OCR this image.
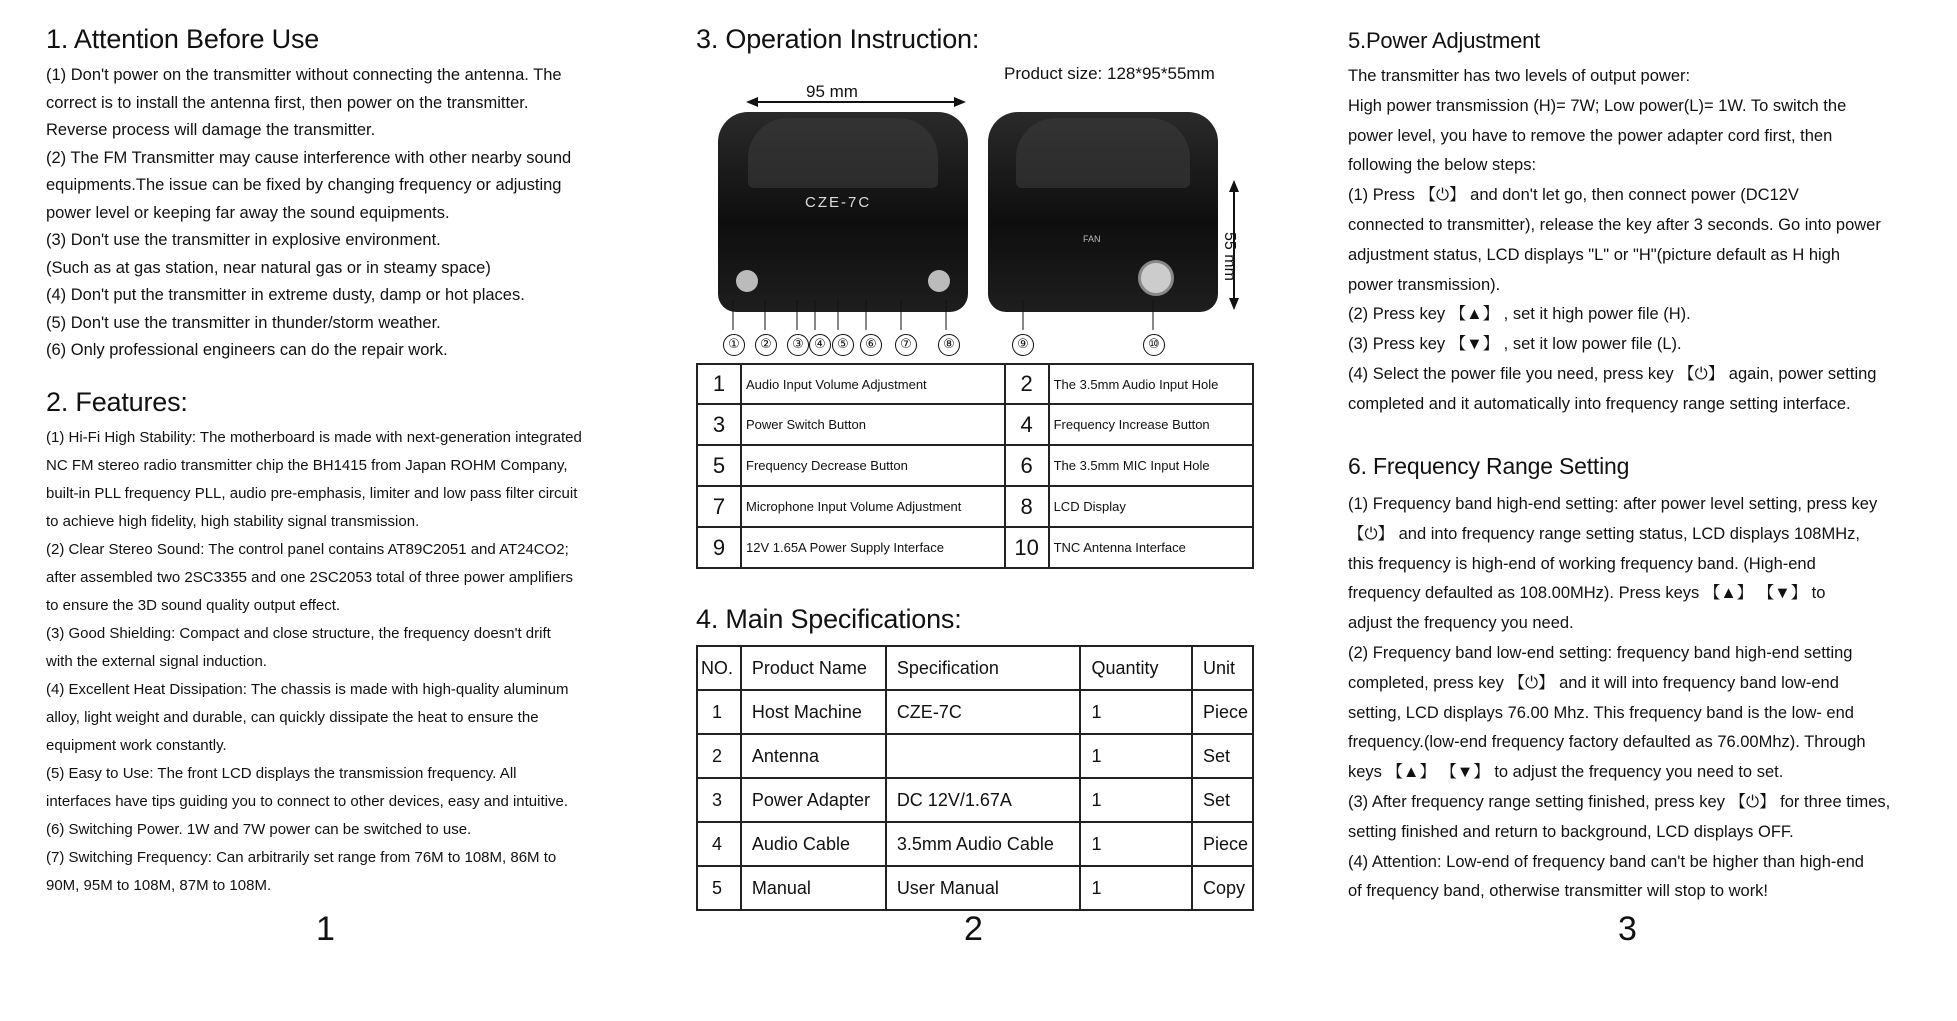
1. Attention Before Use

(1) Don't power on the transmitter without connecting the antenna. The

correct is to install the antenna first, then power on the transmitter.

Reverse process will damage the transmitter.

(2) The FM Transmitter may cause interference with other nearby sound

equipments.The issue can be fixed by changing frequency or adjusting

power level or keeping far away the sound equipments.

(3) Don't use the transmitter in explosive environment.

(Such as at gas station, near natural gas or in steamy space)

(4) Don't put the transmitter in extreme dusty, damp or hot places.

(5) Don't use the transmitter in thunder/storm weather.

(6) Only professional engineers can do the repair work.

2. Features:

(1) Hi-Fi High Stability: The motherboard is made with next-generation integrated

NC FM stereo radio transmitter chip the BH1415 from Japan ROHM Company,

built-in PLL frequency PLL, audio pre-emphasis, limiter and low pass filter circuit

to achieve high fidelity, high stability signal transmission.

(2) Clear Stereo Sound: The control panel contains AT89C2051 and AT24CO2;

after assembled two 2SC3355 and one 2SC2053 total of three power amplifiers

to ensure the 3D sound quality output effect.

(3) Good Shielding: Compact and close structure, the frequency doesn't drift

with the external signal induction.

(4) Excellent Heat Dissipation: The chassis is made with high-quality aluminum

alloy, light weight and durable, can quickly dissipate the heat to ensure the

equipment work constantly.

(5) Easy to Use: The front LCD displays the transmission frequency. All

interfaces have tips guiding you to connect to other devices, easy and intuitive.

(6) Switching Power. 1W and 7W power can be switched to use.

(7) Switching Frequency: Can arbitrarily set range from 76M to 108M, 86M to

90M, 95M to 108M, 87M to 108M.

1
3. Operation Instruction:
Product size: 128*95*55mm
95 mm
CZE-7C
FAN	55 mm
①	②	③ ④ ⑤	⑥	⑦	⑧	⑨	⑩
1	Audio Input Volume Adjustment	2	The 3.5mm Audio Input Hole
3	Power Switch Button	4	Frequency Increase Button
5	Frequency Decrease Button	6	The 3.5mm MIC Input Hole
7	Microphone Input Volume Adjustment	8	LCD Display
9	12V 1.65A Power Supply Interface	10	TNC Antenna Interface
4. Main Specifications:
NO.	Product Name	Specification	Quantity	Unit
1	Host Machine	CZE-7C	1	Piece
2	Antenna		1	Set
3	Power Adapter	DC 12V/1.67A	1	Set
4	Audio Cable	3.5mm Audio Cable	1	Piece
5	Manual	User Manual	1	Copy
2
5.Power Adjustment

The transmitter has two levels of output power:

High power transmission (H)= 7W; Low power(L)= 1W. To switch the

power level, you have to remove the power adapter cord first, then

following the below steps:

(1) Press 【⏻】 and don't let go, then connect power (DC12V

connected to transmitter), release the key after 3 seconds. Go into power

adjustment status, LCD displays "L" or "H"(picture default as H high

power transmission).

(2) Press key 【▲】 , set it high power file (H).

(3) Press key 【▼】 , set it low power file (L).

(4) Select the power file you need, press key 【⏻】 again, power setting

completed and it automatically into frequency range setting interface.

6. Frequency Range Setting

(1) Frequency band high-end setting: after power level setting, press key

【⏻】 and into frequency range setting status, LCD displays 108MHz,

this frequency is high-end of working frequency band. (High-end

frequency defaulted as 108.00MHz). Press keys 【▲】 【▼】 to

adjust the frequency you need.

(2) Frequency band low-end setting: frequency band high-end setting

completed, press key 【⏻】 and it will into frequency band low-end

setting, LCD displays 76.00 Mhz. This frequency band is the low- end

frequency.(low-end frequency factory defaulted as 76.00Mhz). Through

keys 【▲】 【▼】 to adjust the frequency you need to set.

(3) After frequency range setting finished, press key 【⏻】 for three times,

setting finished and return to background, LCD displays OFF.

(4) Attention: Low-end of frequency band can't be higher than high-end

of frequency band, otherwise transmitter will stop to work!

3
